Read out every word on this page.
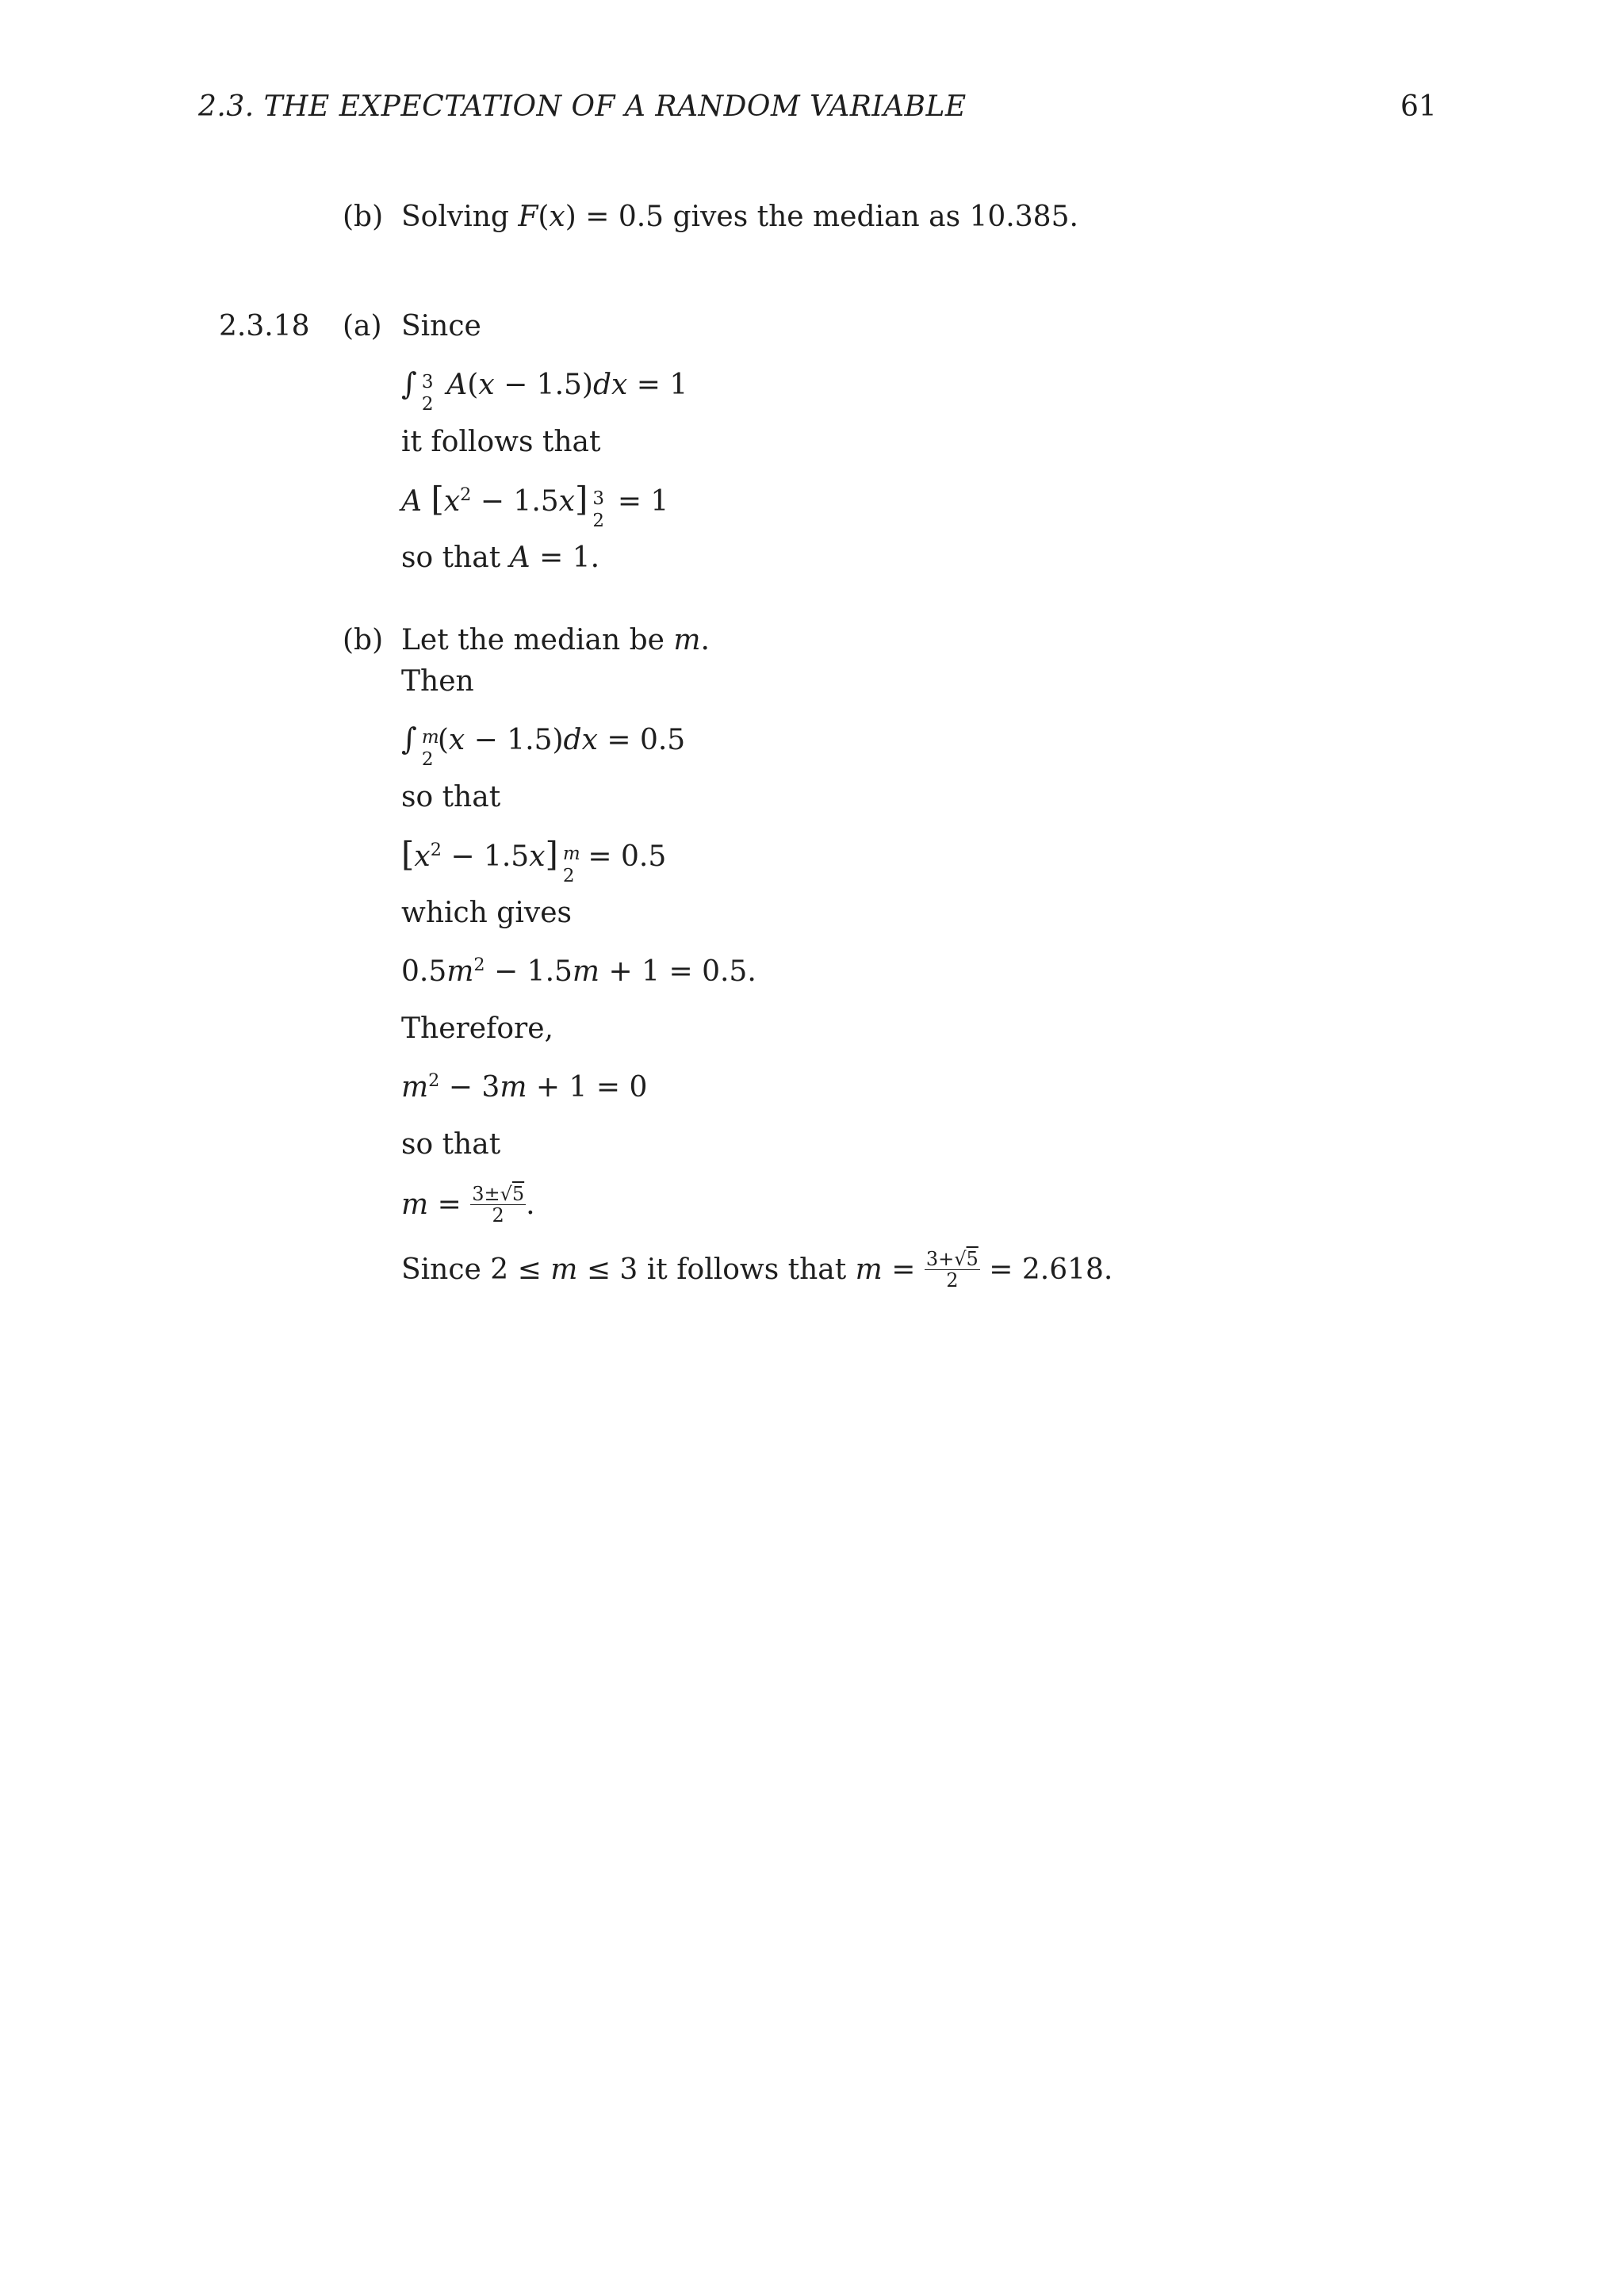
2.3. THE EXPECTATION OF A RANDOM VARIABLE	61
(b) Solving F(x) = 0.5 gives the median as 10.385.
2.3.18 (a) Since
∫ 3
2
A(x − 1.5)dx = 1
it follows that
A $[x^2 - 1.5x]$ 3
2
= 1
so that A = 1.
(b) Let the median be m.
Then
∫ m
2
(x − 1.5)dx = 0.5
so that
$[x^2 - 1.5x]$ m
2
= 0.5
which gives
$0.5m^2 - 1.5m + 1 = 0.5$.
Therefore,
$m^2 - 3m + 1 = 0$
so that
$m = \frac{3\pm√5}{2}$ .
Since 2 ≤ m ≤ 3 it follows that $m = \frac{3+√5}{2} = 2.618$.
